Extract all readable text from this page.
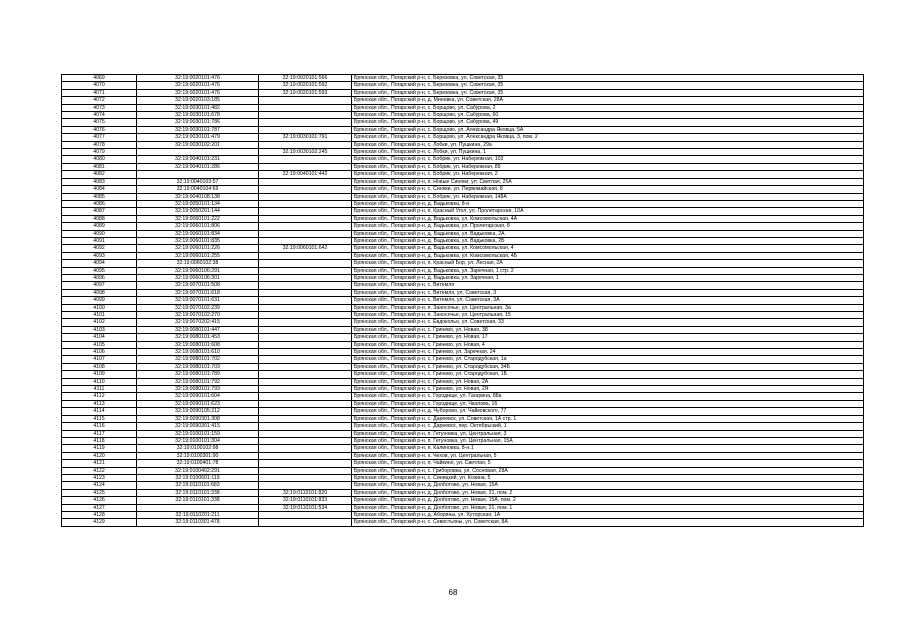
4069	32:19:0020101:476	32:19:0020101:566	Брянская обл., Погарский р-н, с. Березовка, ул. Советская, 35
4070	32:19:0020101:476	32:19:0020101:592	Брянская обл., Погарский р-н, с. Березовка, ул. Советская, 35
4071	32:19:0020101:476	32:19:0020101:593	Брянская обл., Погарский р-н, с. Березовка, ул. Советская, 35
4072	32:19:0020103:185		Брянская обл., Погарский р-н, д. Миновка, ул. Советская, 28А
4073	32:19:0030101:482		Брянская обл., Погарский р-н, с. Борщово, ул. Сабуровa, 2
4074	32:19:0030101:678		Брянская обл., Погарский р-н, с. Борщово, ул. Сабурова, 60
4075	32:19:0030101:786		Брянская обл., Погарский р-н, с. Борщово, ул. Сабурова, 49
4076	32:19:0030101:787		Брянская обл., Погарский р-н, с. Борщово, ул. Александра Яковца, 5А
4077	32:19:0030101:479	32:19:0030101:791	Брянская обл., Погарский р-н, с. Борщово, ул. Александра Яковца, 3, пом. 2
4078	32:19:0030102:201		Брянская обл., Погарский р-н, с. Лобки, ул. Пушкина, 29а
4079		32:19:0030102:245	Брянская обл., Погарский р-н, с. Лобки, ул. Пушкина, 1
4080	32:19:0040101:231		Брянская обл., Погарский р-н, с. Бобрик, ул. Набережная, 103
4081	32:19:0040101:286		Брянская обл., Погарский р-н, с. Бобрик, ул. Набережная, 89
4082		32:19:0040101:442	Брянская обл., Погарский р-н, с. Бобрик, ул. Набережная, 2
4083	32:19:0040103:57		Брянская обл., Погарский р-н, п. Новые Синяки, ул. Светлая, 25А
4084	32:19:0040104:69		Брянская обл., Погарский р-н, с. Синяки, ул. Первомайская, 8
4085	32:19:0040108:138		Брянская обл., Погарский р-н, с. Бобрик, ул. Набережная, 148А
4086	32:19:0050101:134		Брянская обл., Погарский р-н, д. Вадьковка, 8-н
4087	32:19:0050201:144		Брянская обл., Погарский р-н, п. Красный Угол, ул. Пролетарская, 10А
4088	32:19:0060101:222		Брянская обл., Погарский р-н, д. Вадьковка, ул. Комсомольская, 4А
4089	32:19:0060101:806		Брянская обл., Погарский р-н, д. Вадьковка, ул. Пролетарская, 8
4090	32:19:0060101:834		Брянская обл., Погарский р-н, д. Вадьковка, ул. Вадьковка, 2А
4091	32:19:0060101:835		Брянская обл., Погарский р-н, д. Вадьковка, ул. Вадьковка, 2Б
4092	32:19:0060101:226	32:19:0060101:642	Брянская обл., Погарский р-н, д. Вадьковка, ул. Комсомольская, 4
4093	32:19:0060101:255		Брянская обл., Погарский р-н, д. Вадьковка, ул. Комсомольская, 4Б
4094	32:19:0060102:38		Брянская обл., Погарский р-н, п. Красный Бор, ул. Лесная, 2А
4095	32:19:0060106:291		Брянская обл., Погарский р-н, д. Вадьковка, ул. Заречная, 1 стр. 2
4096	32:19:0060106:301		Брянская обл., Погарский р-н, д. Вадьковка, ул. Заречная, 1
4097	32:19:0070101:508		Брянская обл., Погарский р-н, с. Витемля
4098	32:19:0070101:618		Брянская обл., Погарский р-н, с. Витемля, ул. Советская, 3
4099	32:19:0070101:631		Брянская обл., Погарский р-н, с. Витемля, ул. Советская, 3А
4100	32:19:0070102:239		Брянская обл., Погарский р-н, п. Заносочье, ул. Центральная, 3а
4101	32:19:0070102:270		Брянская обл., Погарский р-н, п. Заносочье, ул. Центральная, 15
4102	32:19:0070202:415		Брянская обл., Погарский р-н, с. Евдокольо, ул. Советская, 33
4103	32:19:0080101:447		Брянская обл., Погарский р-н, с. Гриневo, ул. Новая, 38
4104	32:19:0080101:453		Брянская обл., Погарский р-н, с. Гринево, ул. Новая, 17
4105	32:19:0080101:608		Брянская обл., Погарский р-н, с. Гринево, ул. Новая, 4
4106	32:19:0080101:610		Брянская обл., Погарский р-н, с. Гринево, ул. Заречная, 24
4107	32:19:0080101:702		Брянская обл., Погарский р-н, с. Гринево, ул. Стародубская, 1а
4108	32:19:0080101:703		Брянская обл., Погарский р-н, с. Гринево, ул. Стародубская, 34Б
4109	32:19:0080101:789		Брянская обл., Погарский р-н, с. Гринево, ул. Стародубская, 1Б
4110	32:19:0080101:792		Брянская обл., Погарский р-н, с. Гринево, ул. Новая, 2А
4111	32:19:0080101:793		Брянская обл., Погарский р-н, с. Гринево, ул. Новая, 2Я
4112	32:19:0090101:604		Брянская обл., Погарский р-н, с. Городище, ул. Гагарина, 88а
4113	32:19:0090101:623		Брянская обл., Погарский р-н, с. Городище, ул. Чкалова, 16
4114	32:19:0090105:212		Брянская обл., Погарский р-н, д. Чуборово, ул. Чайковского, 77
4115	32:19:0090301:308		Брянская обл., Погарский р-н, с. Дареевск, ул. Советская, 1А стр. 1
4116	32:19:0090301:415		Брянская обл., Погарский р-н, с. Дареевск, пер. Октябрьский, 1
4117	32:19:0100101:159		Брянская обл., Погарский р-н, п. Гетуновка, ул. Центральная, 3
4118	32:19:0100101:304		Брянская обл., Погарский р-н, п. Гетуновка, ул. Центральная, 15А
4119	32:19:0100102:98		Брянская обл., Погарский р-н, п. Калиновка, 8-н.1
4120	32:19:0100301:90		Брянская обл., Погарский р-н, х. Чехов, ул. Центральная, 5
4121	32:19:0100401:78		Брянская обл., Погарский р-н, п. Чайкино, ул. Светлая, 5
4122	32:19:0100402:291		Брянская обл., Погарский р-н, с. Гриборовка, ул. Сосновая, 28А
4123	32:19:0100601:119		Брянская обл., Погарский р-н, с. Синицкий, ул. Козина, 5
4124	32:19:0110101:683		Брянская обл., Погарский р-н, д. Долботово, ул. Новая, 15А
4125	32:19:0110101:338	32:19:0110101:820	Брянская обл., Погарский р-н, д. Долботово, ул. Новая, 21, пом. 2
4126	32:19:0110101:338	32:19:0110101:833	Брянская обл., Погарский р-н, д. Долботово, ул. Новая, 15А, пом. 2
4127		32:19:0110101:534	Брянская обл., Погарский р-н, д. Долботово, ул. Новая, 21, пом. 1
4128	32:19:0110201:211		Брянская обл., Погарский р-н, д. Аборяны, ул. Хуторская, 1А
4129	32:19:0110301:478		Брянская обл., Погарский р-н, с. Севостьяны, ул. Советская, 8А
68
